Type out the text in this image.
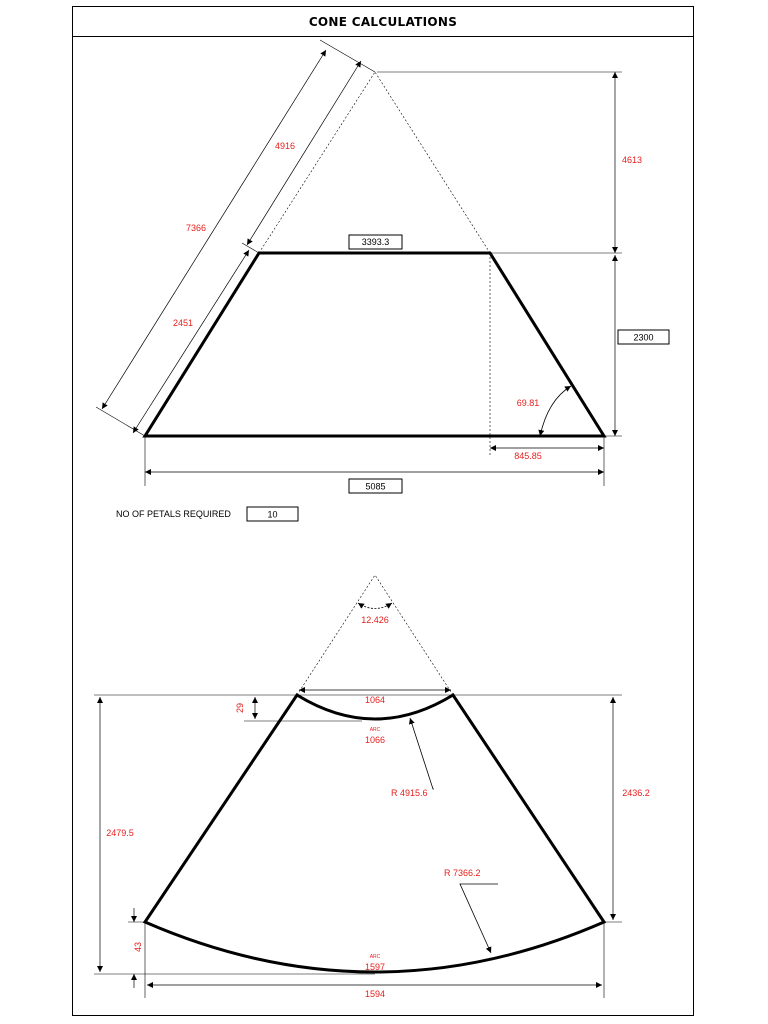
CONE CALCULATIONS
3393.3
4613
2300
69.81
845.85
5085
7366
4916
2451
NO OF PETALS REQUIRED	10
12.426
1064
29
ARC
1066
R 4915.6	2436.2
2479.5
R 7366.2
43
ARC
1597
1594
